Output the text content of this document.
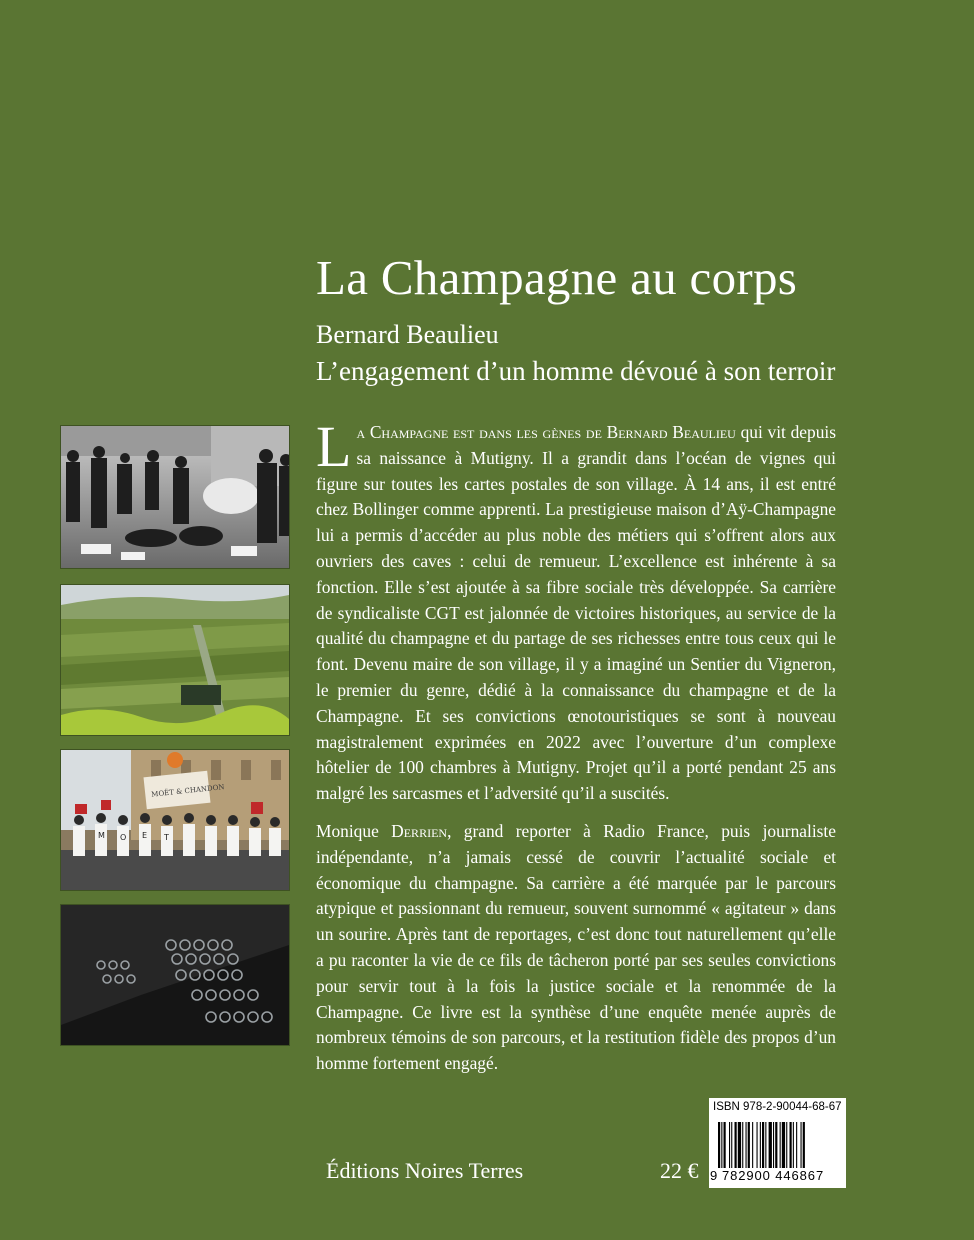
La Champagne au corps
Bernard Beaulieu
L’engagement d’un homme dévoué à son terroir
MOËT & CHANDON
M O E T

La Champagne est dans les gènes de Bernard Beaulieu qui vit depuis sa naissance à Mutigny. Il a grandit dans l’océan de vignes qui figure sur toutes les cartes postales de son village. À 14 ans, il est entré chez Bollinger comme apprenti. La prestigieuse maison d’Aÿ-Champagne lui a permis d’accéder au plus noble des métiers qui s’offrent alors aux ouvriers des caves : celui de remueur. L’excellence est inhérente à sa fonction. Elle s’est ajoutée à sa fibre sociale très développée. Sa carrière de syndicaliste CGT est jalonnée de victoires historiques, au service de la qualité du champagne et du partage de ses richesses entre tous ceux qui le font. Devenu maire de son village, il y a imaginé un Sentier du Vigneron, le premier du genre, dédié à la connaissance du champagne et de la Champagne. Et ses convictions œnotouristiques se sont à nouveau magistralement exprimées en 2022 avec l’ouverture d’un complexe hôtelier de 100 chambres à Mutigny. Projet qu’il a porté pendant 25 ans malgré les sarcasmes et l’adversité qu’il a suscités.

Monique Derrien, grand reporter à Radio France, puis journaliste indépendante, n’a jamais cessé de couvrir l’actualité sociale et économique du champagne. Sa carrière a été marquée par le parcours atypique et passionnant du remueur, souvent surnommé « agitateur » dans un sourire. Après tant de reportages, c’est donc tout naturellement qu’elle a pu raconter la vie de ce fils de tâcheron porté par ses seules convictions pour servir tout à la fois la justice sociale et la renommée de la Champagne. Ce livre est la synthèse d’une enquête menée auprès de nombreux témoins de son parcours, et la restitution fidèle des propos d’un homme fortement engagé.

Éditions Noires Terres	22 €
ISBN 978-2-90044-68-67
9 782900 446867
